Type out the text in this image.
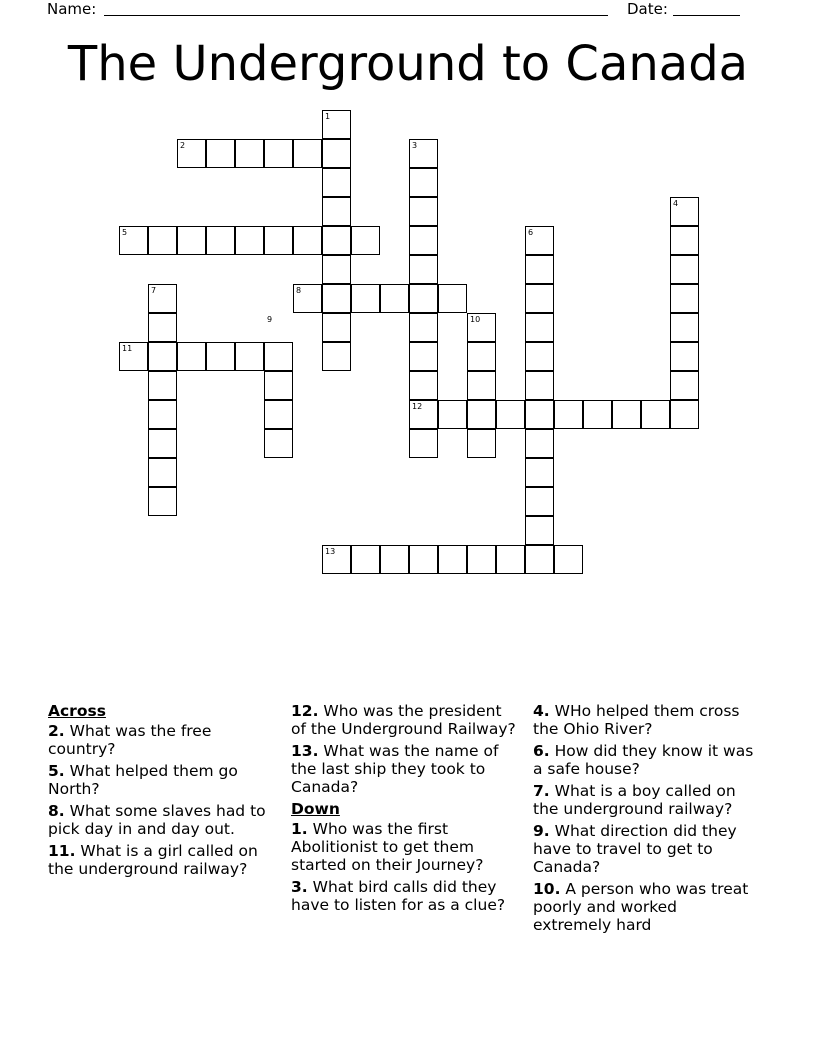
Name:	Date:
The Underground to Canada
1
2	3
4
5	6
7	8
9	10
11
12
13
Across
2. What was the free country?
5. What helped them go North?
8. What some slaves had to pick day in and day out.
11. What is a girl called on the underground railway?
12. Who was the president of the Underground Railway?
13. What was the name of the last ship they took to Canada?
Down
1. Who was the first Abolitionist to get them started on their Journey?
3. What bird calls did they have to listen for as a clue?
4. WHo helped them cross the Ohio River?
6. How did they know it was a safe house?
7. What is a boy called on the underground railway?
9. What direction did they have to travel to get to Canada?
10. A person who was treat poorly and worked extremely hard
